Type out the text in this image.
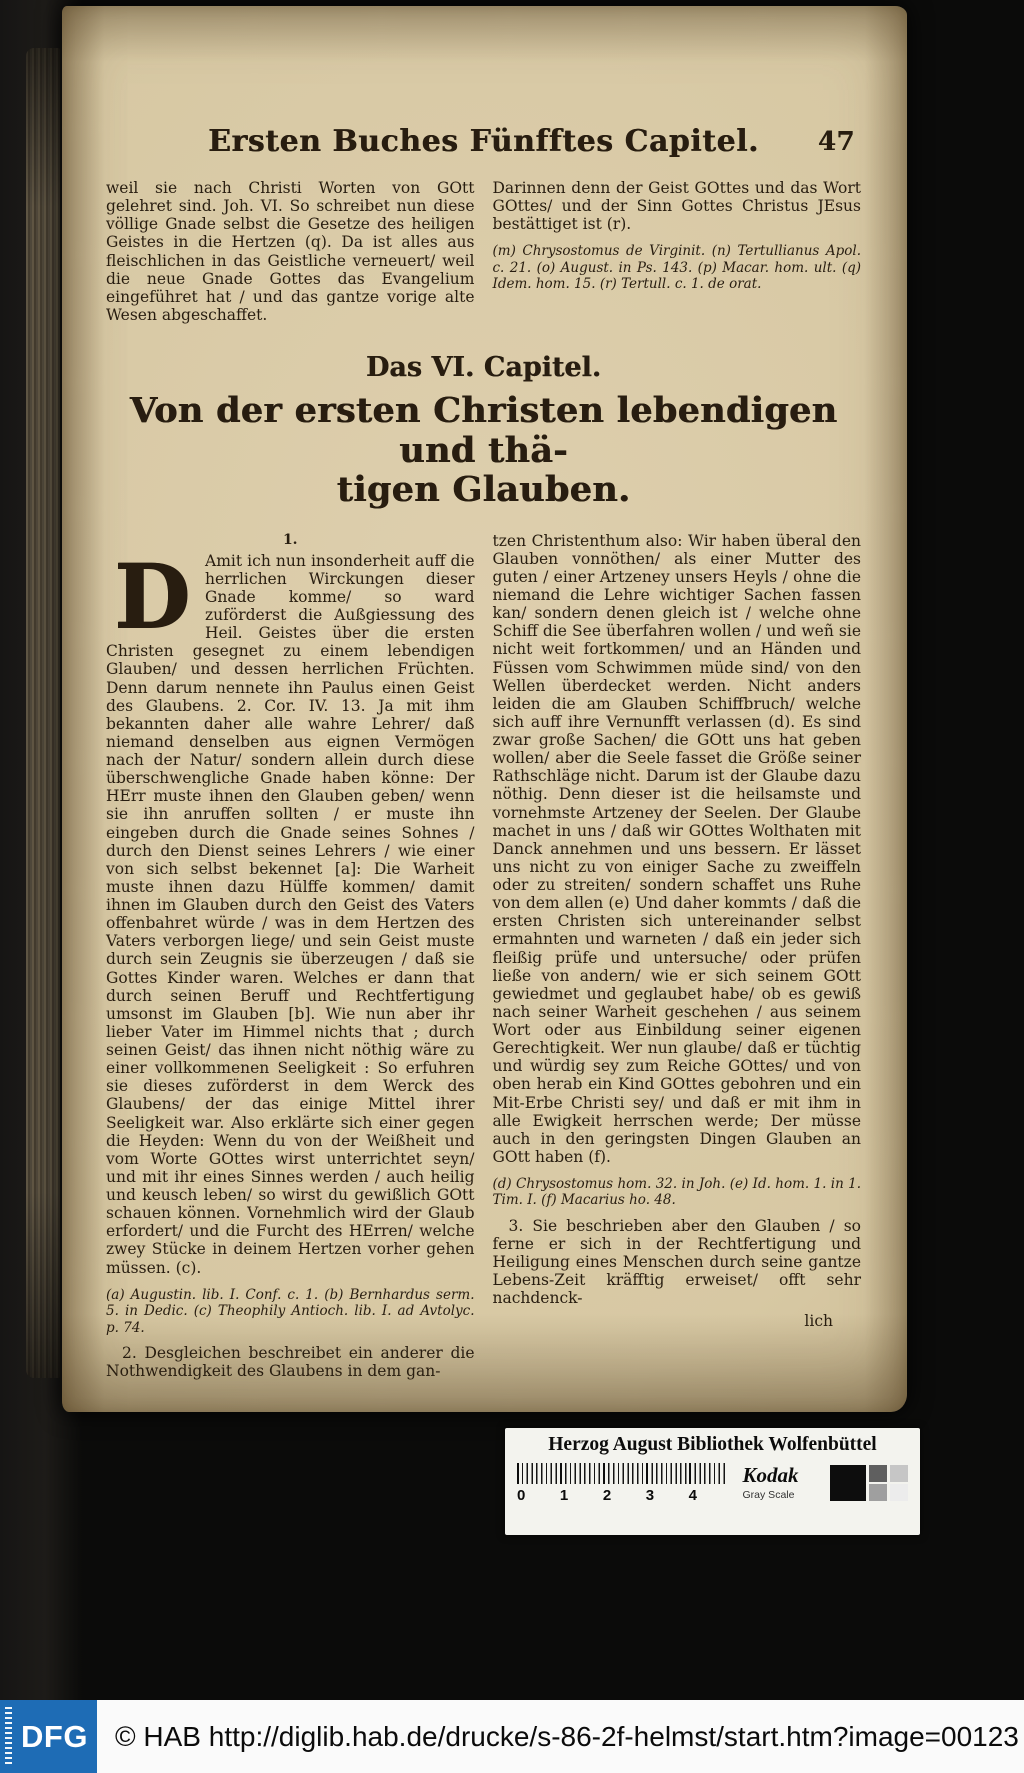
Ersten Buches Fünfftes Capitel. 47

weil sie nach Christi Worten von GOtt gelehret sind. Joh. VI. So schreibet nun diese völlige Gnade selbst die Gesetze des heiligen Geistes in die Hertzen (q). Da ist alles aus fleischlichen in das Geistliche verneuert/ weil die neue Gnade Gottes das Evangelium eingeführet hat / und das gantze vorige alte Wesen abgeschaffet.

Darinnen denn der Geist GOttes und das Wort GOttes/ und der Sinn Gottes Christus JEsus bestättiget ist (r).

(m) Chrysostomus de Virginit. (n) Tertullianus Apol. c. 21. (o) August. in Ps. 143. (p) Macar. hom. ult. (q) Idem. hom. 15. (r) Tertull. c. 1. de orat.

Das VI. Capitel.
Von der ersten Christen lebendigen und thä-
tigen Glauben.
1.

D Amit ich nun insonderheit auff die herrlichen Wirckungen dieser Gnade komme/ so ward zuförderst die Außgiessung des Heil. Geistes über die ersten Christen gesegnet zu einem lebendigen Glauben/ und dessen herrlichen Früchten. Denn darum nennete ihn Paulus einen Geist des Glaubens. 2. Cor. IV. 13. Ja mit ihm bekannten daher alle wahre Lehrer/ daß niemand denselben aus eignen Vermögen nach der Natur/ sondern allein durch diese überschwengliche Gnade haben könne: Der HErr muste ihnen den Glauben geben/ wenn sie ihn anruffen sollten / er muste ihn eingeben durch die Gnade seines Sohnes / durch den Dienst seines Lehrers / wie einer von sich selbst bekennet [a]: Die Warheit muste ihnen dazu Hülffe kommen/ damit ihnen im Glauben durch den Geist des Vaters offenbahret würde / was in dem Hertzen des Vaters verborgen liege/ und sein Geist muste durch sein Zeugnis sie überzeugen / daß sie Gottes Kinder waren. Welches er dann that durch seinen Beruff und Rechtfertigung umsonst im Glauben [b]. Wie nun aber ihr lieber Vater im Himmel nichts that ; durch seinen Geist/ das ihnen nicht nöthig wäre zu einer vollkommenen Seeligkeit : So erfuhren sie dieses zuförderst in dem Werck des Glaubens/ der das einige Mittel ihrer Seeligkeit war. Also erklärte sich einer gegen die Heyden: Wenn du von der Weißheit und vom Worte GOttes wirst unterrichtet seyn/ und mit ihr eines Sinnes werden / auch heilig und keusch leben/ so wirst du gewißlich GOtt schauen können. Vornehmlich wird der Glaub erfordert/ und die Furcht des HErren/ welche zwey Stücke in deinem Hertzen vorher gehen müssen. (c).

(a) Augustin. lib. I. Conf. c. 1. (b) Bernhardus serm. 5. in Dedic. (c) Theophily Antioch. lib. I. ad Avtolyc. p. 74.

2. Desgleichen beschreibet ein anderer die Nothwendigkeit des Glaubens in dem gan-

tzen Christenthum also: Wir haben überal den Glauben vonnöthen/ als einer Mutter des guten / einer Artzeney unsers Heyls / ohne die niemand die Lehre wichtiger Sachen fassen kan/ sondern denen gleich ist / welche ohne Schiff die See überfahren wollen / und weñ sie nicht weit fortkommen/ und an Händen und Füssen vom Schwimmen müde sind/ von den Wellen überdecket werden. Nicht anders leiden die am Glauben Schiffbruch/ welche sich auff ihre Vernunfft verlassen (d). Es sind zwar große Sachen/ die GOtt uns hat geben wollen/ aber die Seele fasset die Größe seiner Rathschläge nicht. Darum ist der Glaube dazu nöthig. Denn dieser ist die heilsamste und vornehmste Artzeney der Seelen. Der Glaube machet in uns / daß wir GOttes Wolthaten mit Danck annehmen und uns bessern. Er lässet uns nicht zu von einiger Sache zu zweiffeln oder zu streiten/ sondern schaffet uns Ruhe von dem allen (e) Und daher kommts / daß die ersten Christen sich untereinander selbst ermahnten und warneten / daß ein jeder sich fleißig prüfe und untersuche/ oder prüfen ließe von andern/ wie er sich seinem GOtt gewiedmet und geglaubet habe/ ob es gewiß nach seiner Warheit geschehen / aus seinem Wort oder aus Einbildung seiner eigenen Gerechtigkeit. Wer nun glaube/ daß er tüchtig und würdig sey zum Reiche GOttes/ und von oben herab ein Kind GOttes gebohren und ein Mit-Erbe Christi sey/ und daß er mit ihm in alle Ewigkeit herrschen werde; Der müsse auch in den geringsten Dingen Glauben an GOtt haben (f).

(d) Chrysostomus hom. 32. in Joh. (e) Id. hom. 1. in 1. Tim. I. (f) Macarius ho. 48.

3. Sie beschrieben aber den Glauben / so ferne er sich in der Rechtfertigung und Heiligung eines Menschen durch seine gantze Lebens-Zeit kräfftig erweiset/ offt sehr nachdenck-

lich
Herzog August Bibliothek Wolfenbüttel
0 1 2 3 4
Kodak
Gray Scale
DFG © HAB http://diglib.hab.de/drucke/s-86-2f-helmst/start.htm?image=00123
